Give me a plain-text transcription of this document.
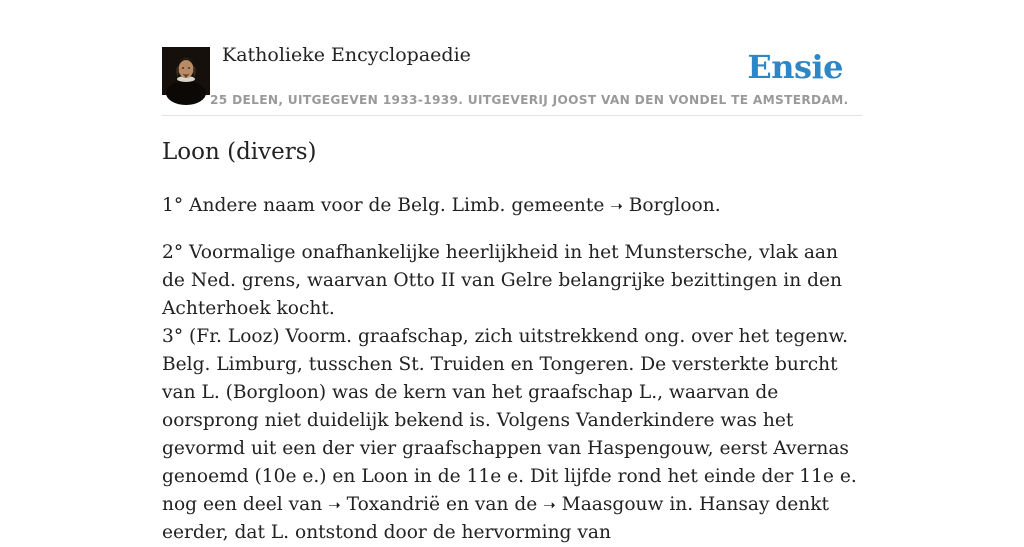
Katholieke Encyclopaedie	Ensie
25 DELEN, UITGEGEVEN 1933-1939. UITGEVERIJ JOOST VAN DEN VONDEL TE AMSTERDAM.
Loon (divers)

1° Andere naam voor de Belg. Limb. gemeente ➝ Borgloon.

2° Voormalige onafhankelijke heerlijkheid in het Munstersche, vlak aan de Ned. grens, waarvan Otto II van Gelre belangrijke bezittingen in den Achterhoek kocht.

3° (Fr. Looz) Voorm. graafschap, zich uitstrekkend ong. over het tegenw. Belg. Limburg, tusschen St. Truiden en Tongeren. De versterkte burcht van L. (Borgloon) was de kern van het graafschap L., waarvan de oorsprong niet duidelijk bekend is. Volgens Vanderkindere was het gevormd uit een der vier graafschappen van Haspengouw, eerst Avernas genoemd (10e e.) en Loon in de 11e e. Dit lijfde rond het einde der 11e e. nog een deel van ➝ Toxandrië en van de ➝ Maasgouw in. Hansay denkt eerder, dat L. ontstond door de hervorming van
